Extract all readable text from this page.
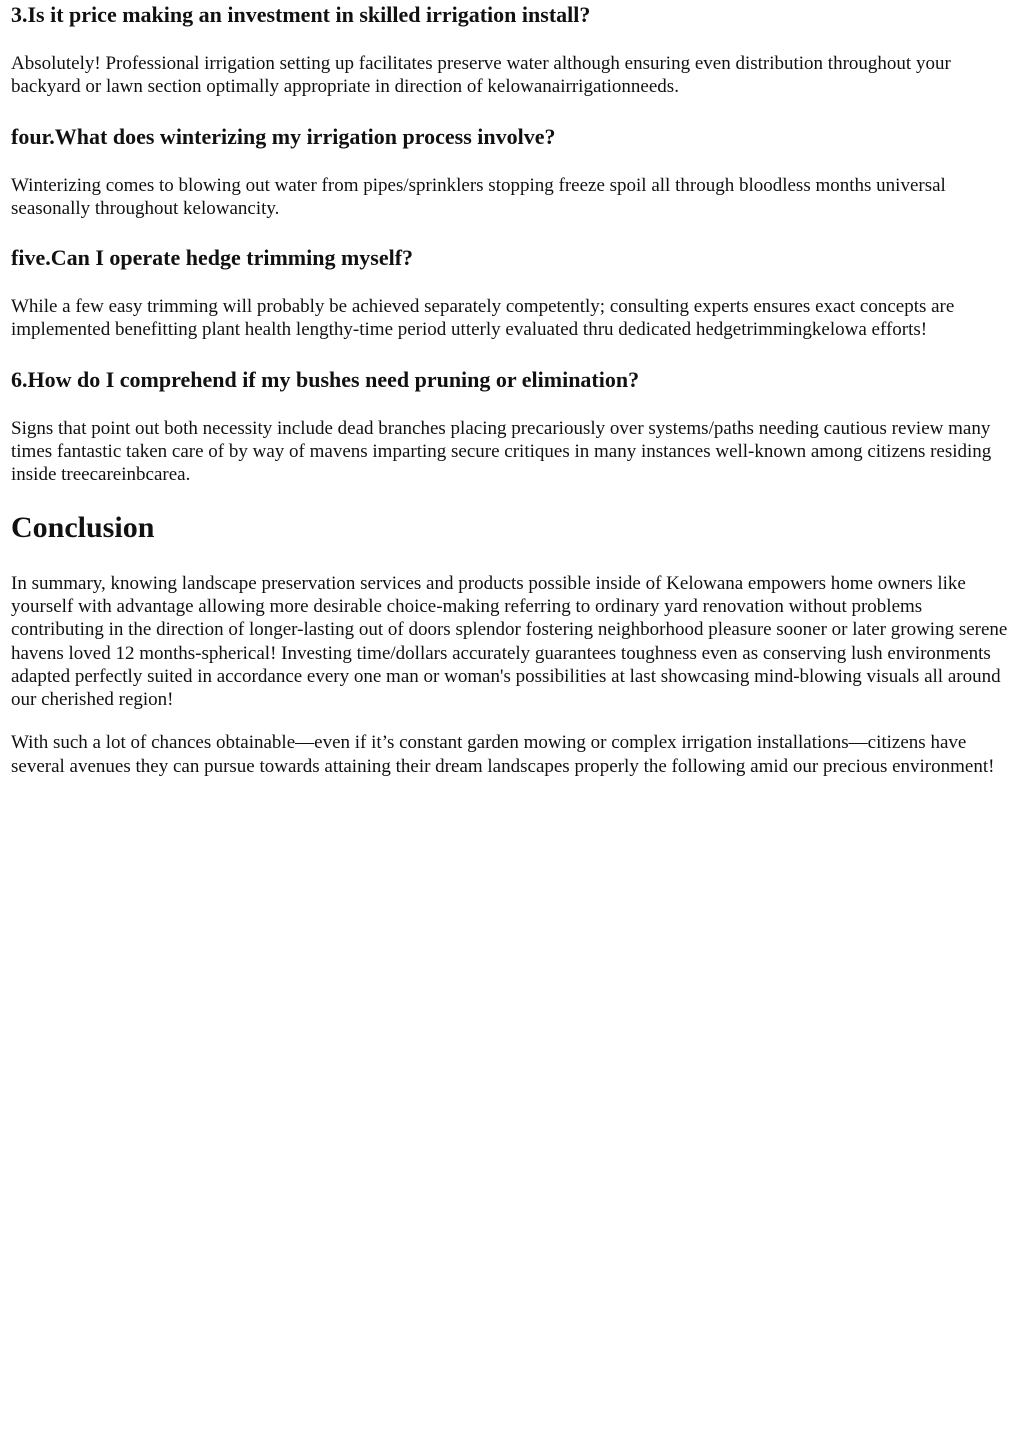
3.Is it price making an investment in skilled irrigation install?

Absolutely! Professional irrigation setting up facilitates preserve water although ensuring even distribution throughout your backyard or lawn section optimally appropriate in direction of kelowanairrigationneeds.

four.What does winterizing my irrigation process involve?

Winterizing comes to blowing out water from pipes/sprinklers stopping freeze spoil all through bloodless months universal seasonally throughout kelowancity.

five.Can I operate hedge trimming myself?

While a few easy trimming will probably be achieved separately competently; consulting experts ensures exact concepts are implemented benefitting plant health lengthy-time period utterly evaluated thru dedicated hedgetrimmingkelowa efforts!

6.How do I comprehend if my bushes need pruning or elimination?

Signs that point out both necessity include dead branches placing precariously over systems/paths needing cautious review many times fantastic taken care of by way of mavens imparting secure critiques in many instances well-known among citizens residing inside treecareinbcarea.

Conclusion

In summary, knowing landscape preservation services and products possible inside of Kelowana empowers home owners like yourself with advantage allowing more desirable choice-making referring to ordinary yard renovation without problems contributing in the direction of longer-lasting out of doors splendor fostering neighborhood pleasure sooner or later growing serene havens loved 12 months-spherical! Investing time/dollars accurately guarantees toughness even as conserving lush environments adapted perfectly suited in accordance every one man or woman's possibilities at last showcasing mind-blowing visuals all around our cherished region!

With such a lot of chances obtainable—even if it’s constant garden mowing or complex irrigation installations—citizens have several avenues they can pursue towards attaining their dream landscapes properly the following amid our precious environment!
